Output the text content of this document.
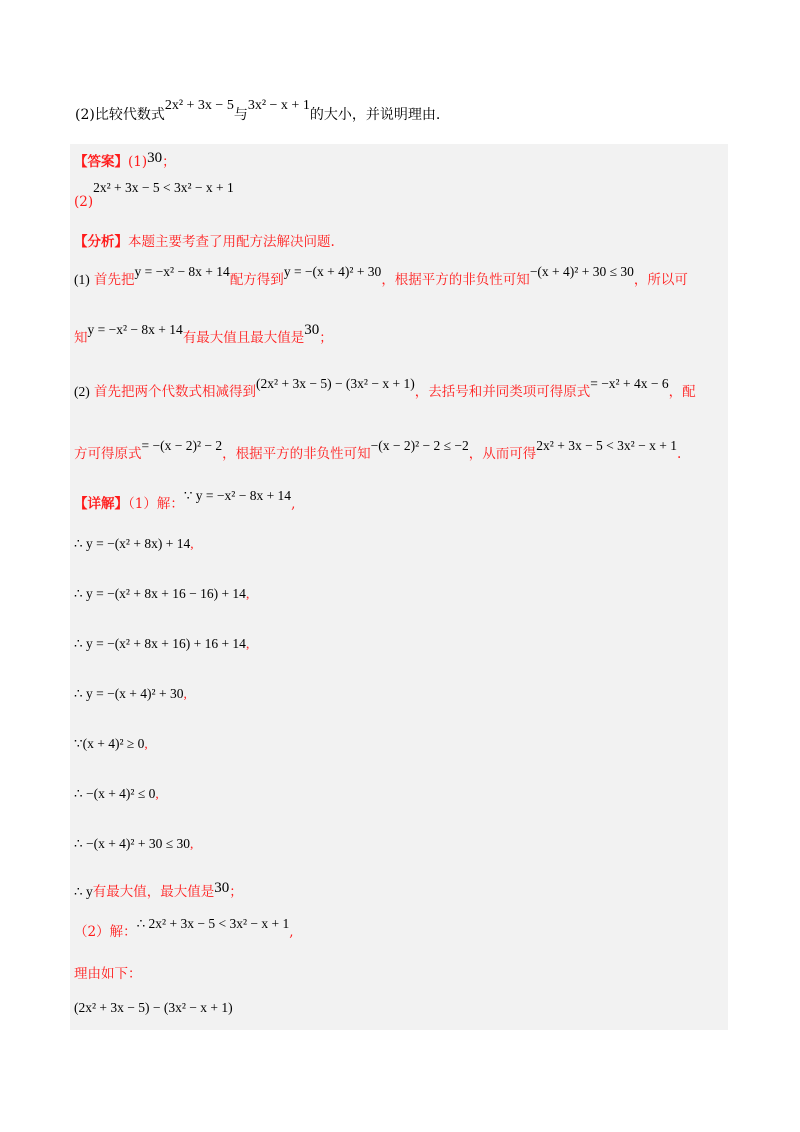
(2)比较代数式2x² + 3x − 5与3x² − x + 1的大小，并说明理由.
【答案】(1)30；
(2)2x² + 3x − 5 < 3x² − x + 1
【分析】本题主要考查了用配方法解决问题.
(1) 首先把y = −x² − 8x + 14配方得到y = −(x + 4)² + 30，根据平方的非负性可知−(x + 4)² + 30 ≤ 30，所以可
知y = −x² − 8x + 14有最大值且最大值是30；
(2) 首先把两个代数式相减得到(2x² + 3x − 5) − (3x² − x + 1)，去括号和并同类项可得原式= −x² + 4x − 6，配
方可得原式= −(x − 2)² − 2，根据平方的非负性可知−(x − 2)² − 2 ≤ −2，从而可得2x² + 3x − 5 < 3x² − x + 1.
【详解】（1）解：∵ y = −x² − 8x + 14,
∴ y = −(x² + 8x) + 14,
∴ y = −(x² + 8x + 16 − 16) + 14,
∴ y = −(x² + 8x + 16) + 16 + 14,
∴ y = −(x + 4)² + 30,
∵(x + 4)² ≥ 0,
∴ −(x + 4)² ≤ 0,
∴ −(x + 4)² + 30 ≤ 30,
∴ y有最大值，最大值是30；
（2）解：∴ 2x² + 3x − 5 < 3x² − x + 1,
理由如下：
(2x² + 3x − 5) − (3x² − x + 1)
